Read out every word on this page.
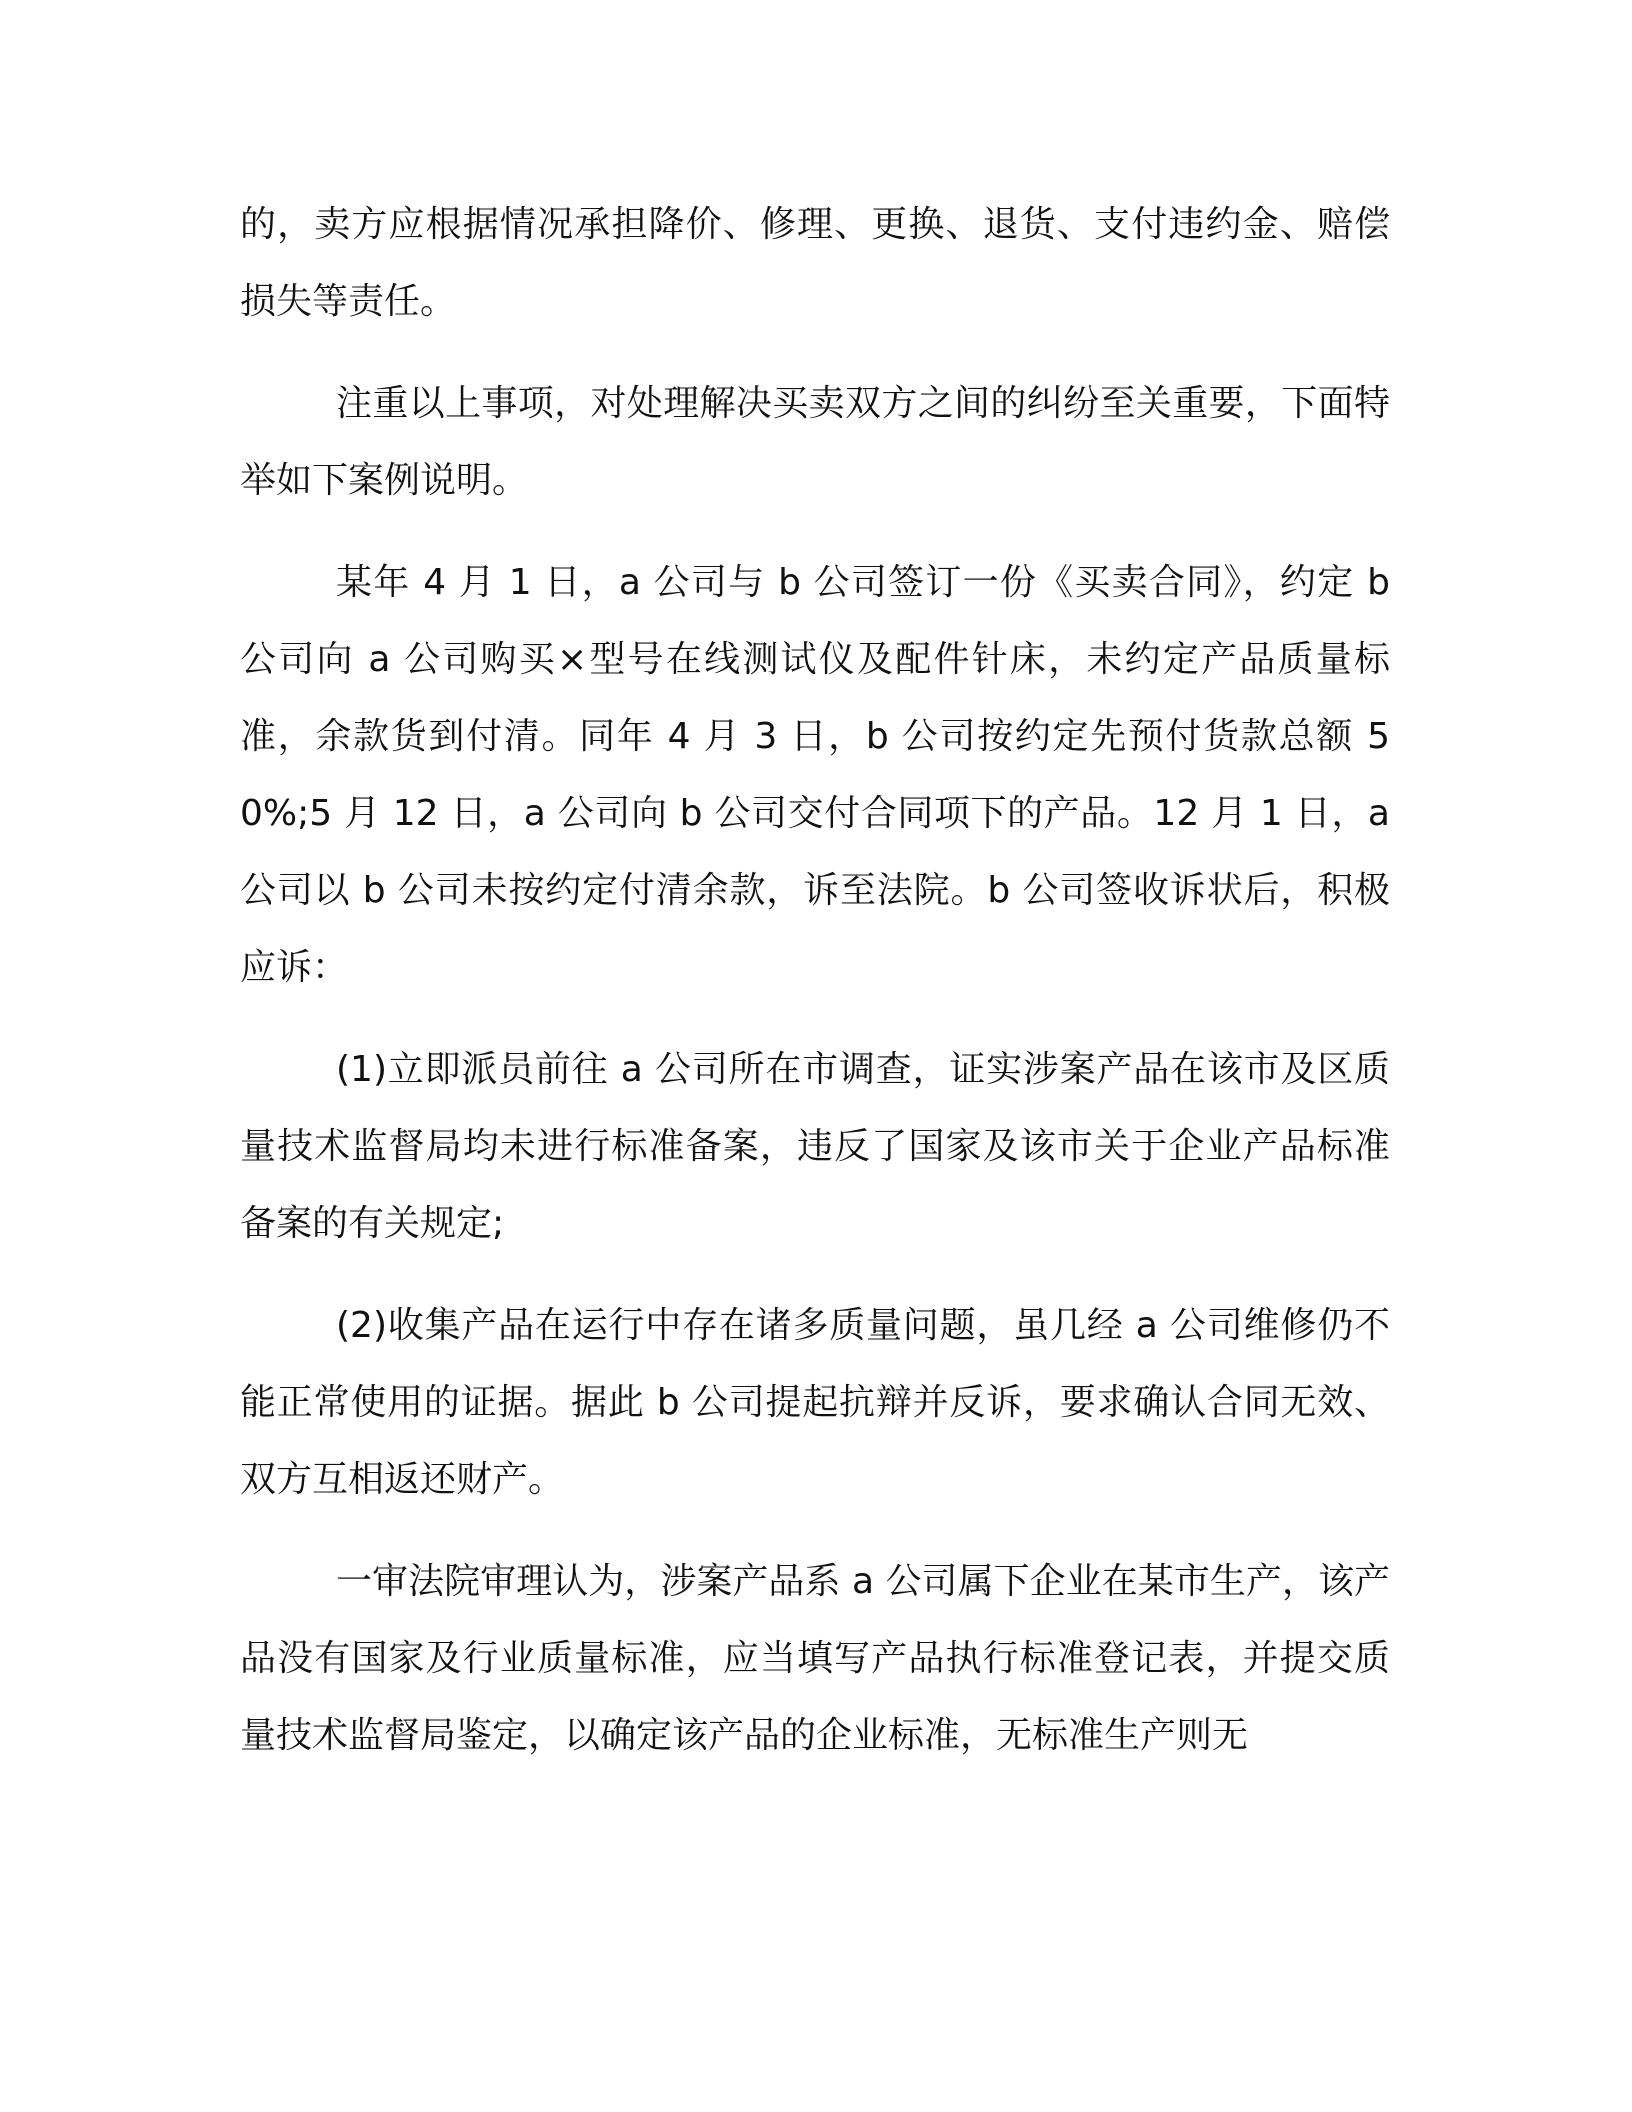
的，卖方应根据情况承担降价、修理、更换、退货、支付违约金、赔偿损失等责任。

注重以上事项，对处理解决买卖双方之间的纠纷至关重要，下面特举如下案例说明。

某年 4 月 1 日，a 公司与 b 公司签订一份《买卖合同》，约定 b 公司向 a 公司购买×型号在线测试仪及配件针床，未约定产品质量标准，余款货到付清。同年 4 月 3 日，b 公司按约定先预付货款总额 50%;5 月 12 日，a 公司向 b 公司交付合同项下的产品。12 月 1 日，a 公司以 b 公司未按约定付清余款，诉至法院。b 公司签收诉状后，积极应诉：

(1)立即派员前往 a 公司所在市调查，证实涉案产品在该市及区质量技术监督局均未进行标准备案，违反了国家及该市关于企业产品标准备案的有关规定;

(2)收集产品在运行中存在诸多质量问题，虽几经 a 公司维修仍不能正常使用的证据。据此 b 公司提起抗辩并反诉，要求确认合同无效、双方互相返还财产。

一审法院审理认为，涉案产品系 a 公司属下企业在某市生产，该产品没有国家及行业质量标准，应当填写产品执行标准登记表，并提交质量技术监督局鉴定，以确定该产品的企业标准，无标准生产则无
